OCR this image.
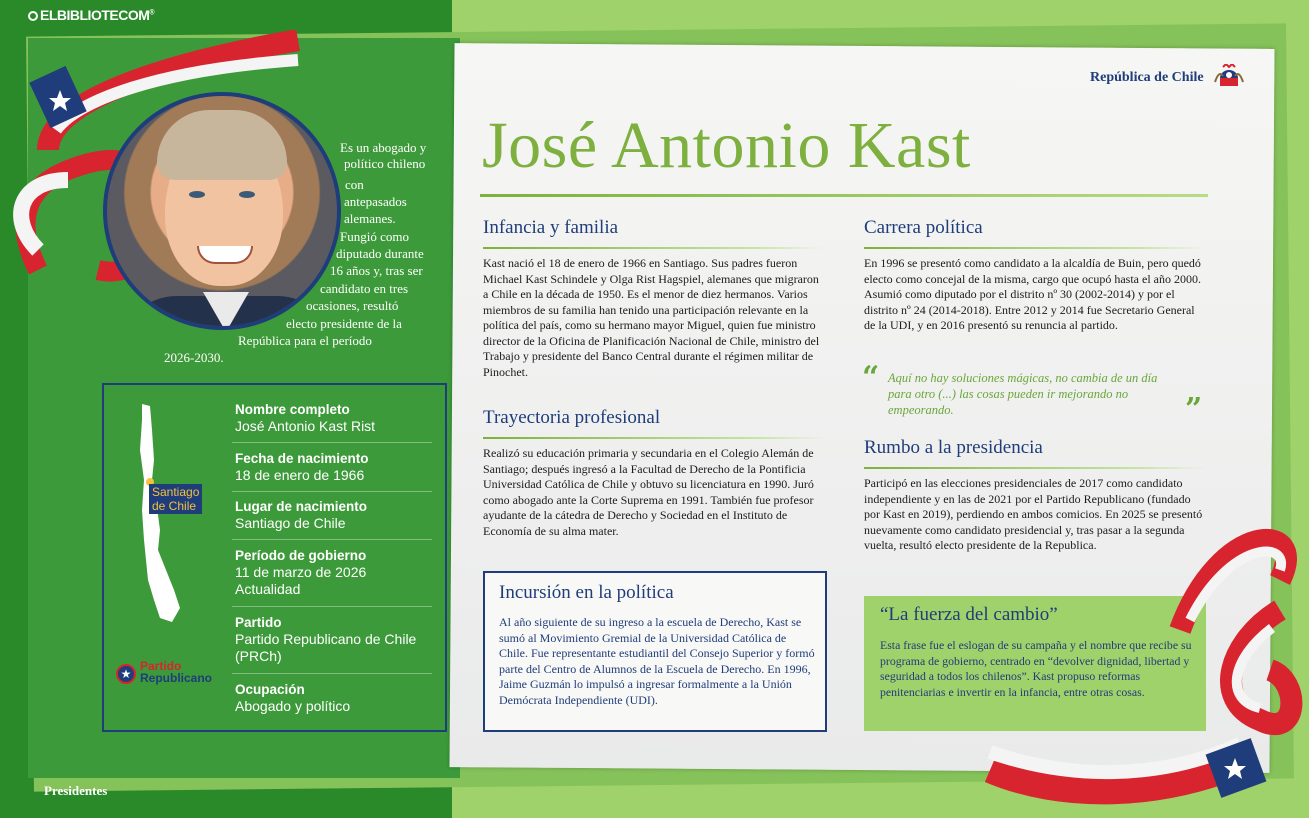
ELBIBLIOTECOM®
Es un abogado y
político chileno
con
antepasados
alemanes.
Fungió como
diputado durante
16 años y, tras ser
candidato en tres
ocasiones, resultó
electo presidente de la
República para el período
2026-2030.
Santiago
de Chile
★
Partido
Republicano
Nombre completo
José Antonio Kast Rist
Fecha de nacimiento
18 de enero de 1966
Lugar de nacimiento
Santiago de Chile
Período de gobierno
11 de marzo de 2026
Actualidad
Partido
Partido Republicano de Chile
(PRCh)
Ocupación
Abogado y político
República de Chile
José Antonio Kast
Infancia y familia
Kast nació el 18 de enero de 1966 en Santiago. Sus padres fueron Michael Kast Schindele y Olga Rist Hagspiel, alemanes que migraron a Chile en la década de 1950. Es el menor de diez hermanos. Varios miembros de su familia han tenido una participación relevante en la política del país, como su hermano mayor Miguel, quien fue ministro director de la Oficina de Planificación Nacional de Chile, ministro del Trabajo y presidente del Banco Central durante el régimen militar de Pinochet.
Trayectoria profesional
Realizó su educación primaria y secundaria en el Colegio Alemán de Santiago; después ingresó a la Facultad de Derecho de la Pontificia Universidad Católica de Chile y obtuvo su licenciatura en 1990. Juró como abogado ante la Corte Suprema en 1991. También fue profesor ayudante de la cátedra de Derecho y Sociedad en el Instituto de Economía de su alma mater.
Incursión en la política
Al año siguiente de su ingreso a la escuela de Derecho, Kast se sumó al Movimiento Gremial de la Universidad Católica de Chile. Fue representante estudiantil del Consejo Superior y formó parte del Centro de Alumnos de la Escuela de Derecho. En 1996, Jaime Guzmán lo impulsó a ingresar formalmente a la Unión Demócrata Independiente (UDI).
Carrera política
En 1996 se presentó como candidato a la alcaldía de Buin, pero quedó electo como concejal de la misma, cargo que ocupó hasta el año 2000. Asumió como diputado por el distrito nº 30 (2002-2014) y por el distrito nº 24 (2014-2018). Entre 2012 y 2014 fue Secretario General de la UDI, y en 2016 presentó su renuncia al partido.
“ Aquí no hay soluciones mágicas, no cambia de un día para otro (...) las cosas pueden ir mejorando no empeorando.	”
Rumbo a la presidencia
Participó en las elecciones presidenciales de 2017 como candidato independiente y en las de 2021 por el Partido Republicano (fundado por Kast en 2019), perdiendo en ambos comicios. En 2025 se presentó nuevamente como candidato presidencial y, tras pasar a la segunda vuelta, resultó electo presidente de la Republica.
“La fuerza del cambio”
Esta frase fue el eslogan de su campaña y el nombre que recibe su programa de gobierno, centrado en “devolver dignidad, libertad y seguridad a todos los chilenos”. Kast propuso reformas penitenciarias e invertir en la infancia, entre otras cosas.
Presidentes
